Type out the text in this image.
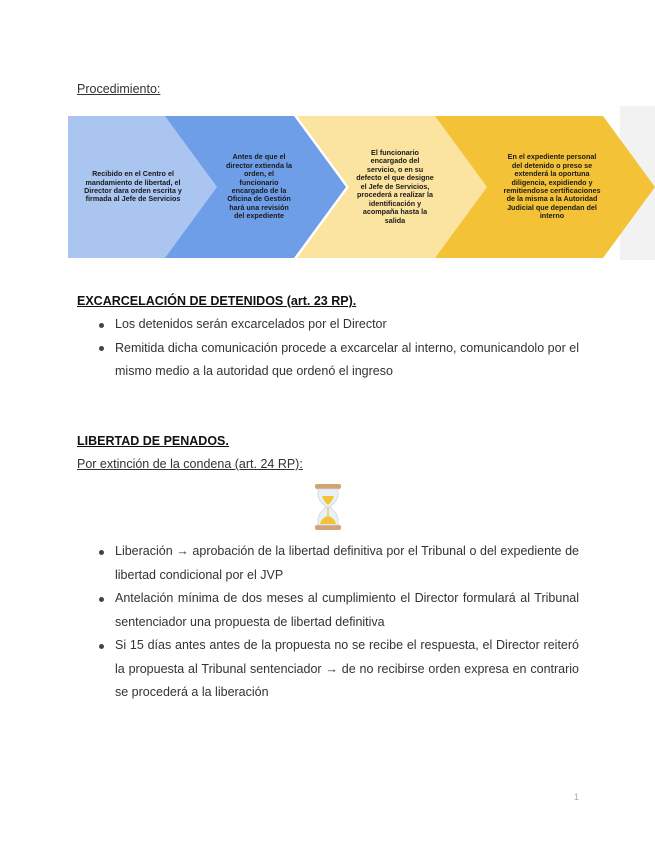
Procedimiento:
Recibido en el Centro el mandamiento de libertad, el Director dara orden escrita y firmada al Jefe de Servicios
Antes de que el director extienda la orden, el funcionario encargado de la Oficina de Gestión hará una revisión del expediente
El funcionario encargado del servicio, o en su defecto el que designe el Jefe de Servicios, procederá a realizar la identificación y acompaña hasta la salida
En el expediente personal del detenido o preso se extenderá la oportuna diligencia, expidiendo y remitiendose certificaciones de la misma a la Autoridad Judicial que dependan del interno
EXCARCELACIÓN DE DETENIDOS (art. 23 RP).
Los detenidos serán excarcelados por el Director
Remitida dicha comunicación procede a excarcelar al interno, comunicandolo por el mismo medio a la autoridad que ordenó el ingreso
LIBERTAD DE PENADOS.
Por extinción de la condena (art. 24 RP):
Liberación → aprobación de la libertad definitiva por el Tribunal o del expediente de libertad condicional por el JVP
Antelación mínima de dos meses al cumplimiento el Director formulará al Tribunal sentenciador una propuesta de libertad definitiva
Si 15 días antes antes de la propuesta no se recibe el respuesta, el Director reiteró la propuesta al Tribunal sentenciador → de no recibirse orden expresa en contrario se procederá a la liberación
1
